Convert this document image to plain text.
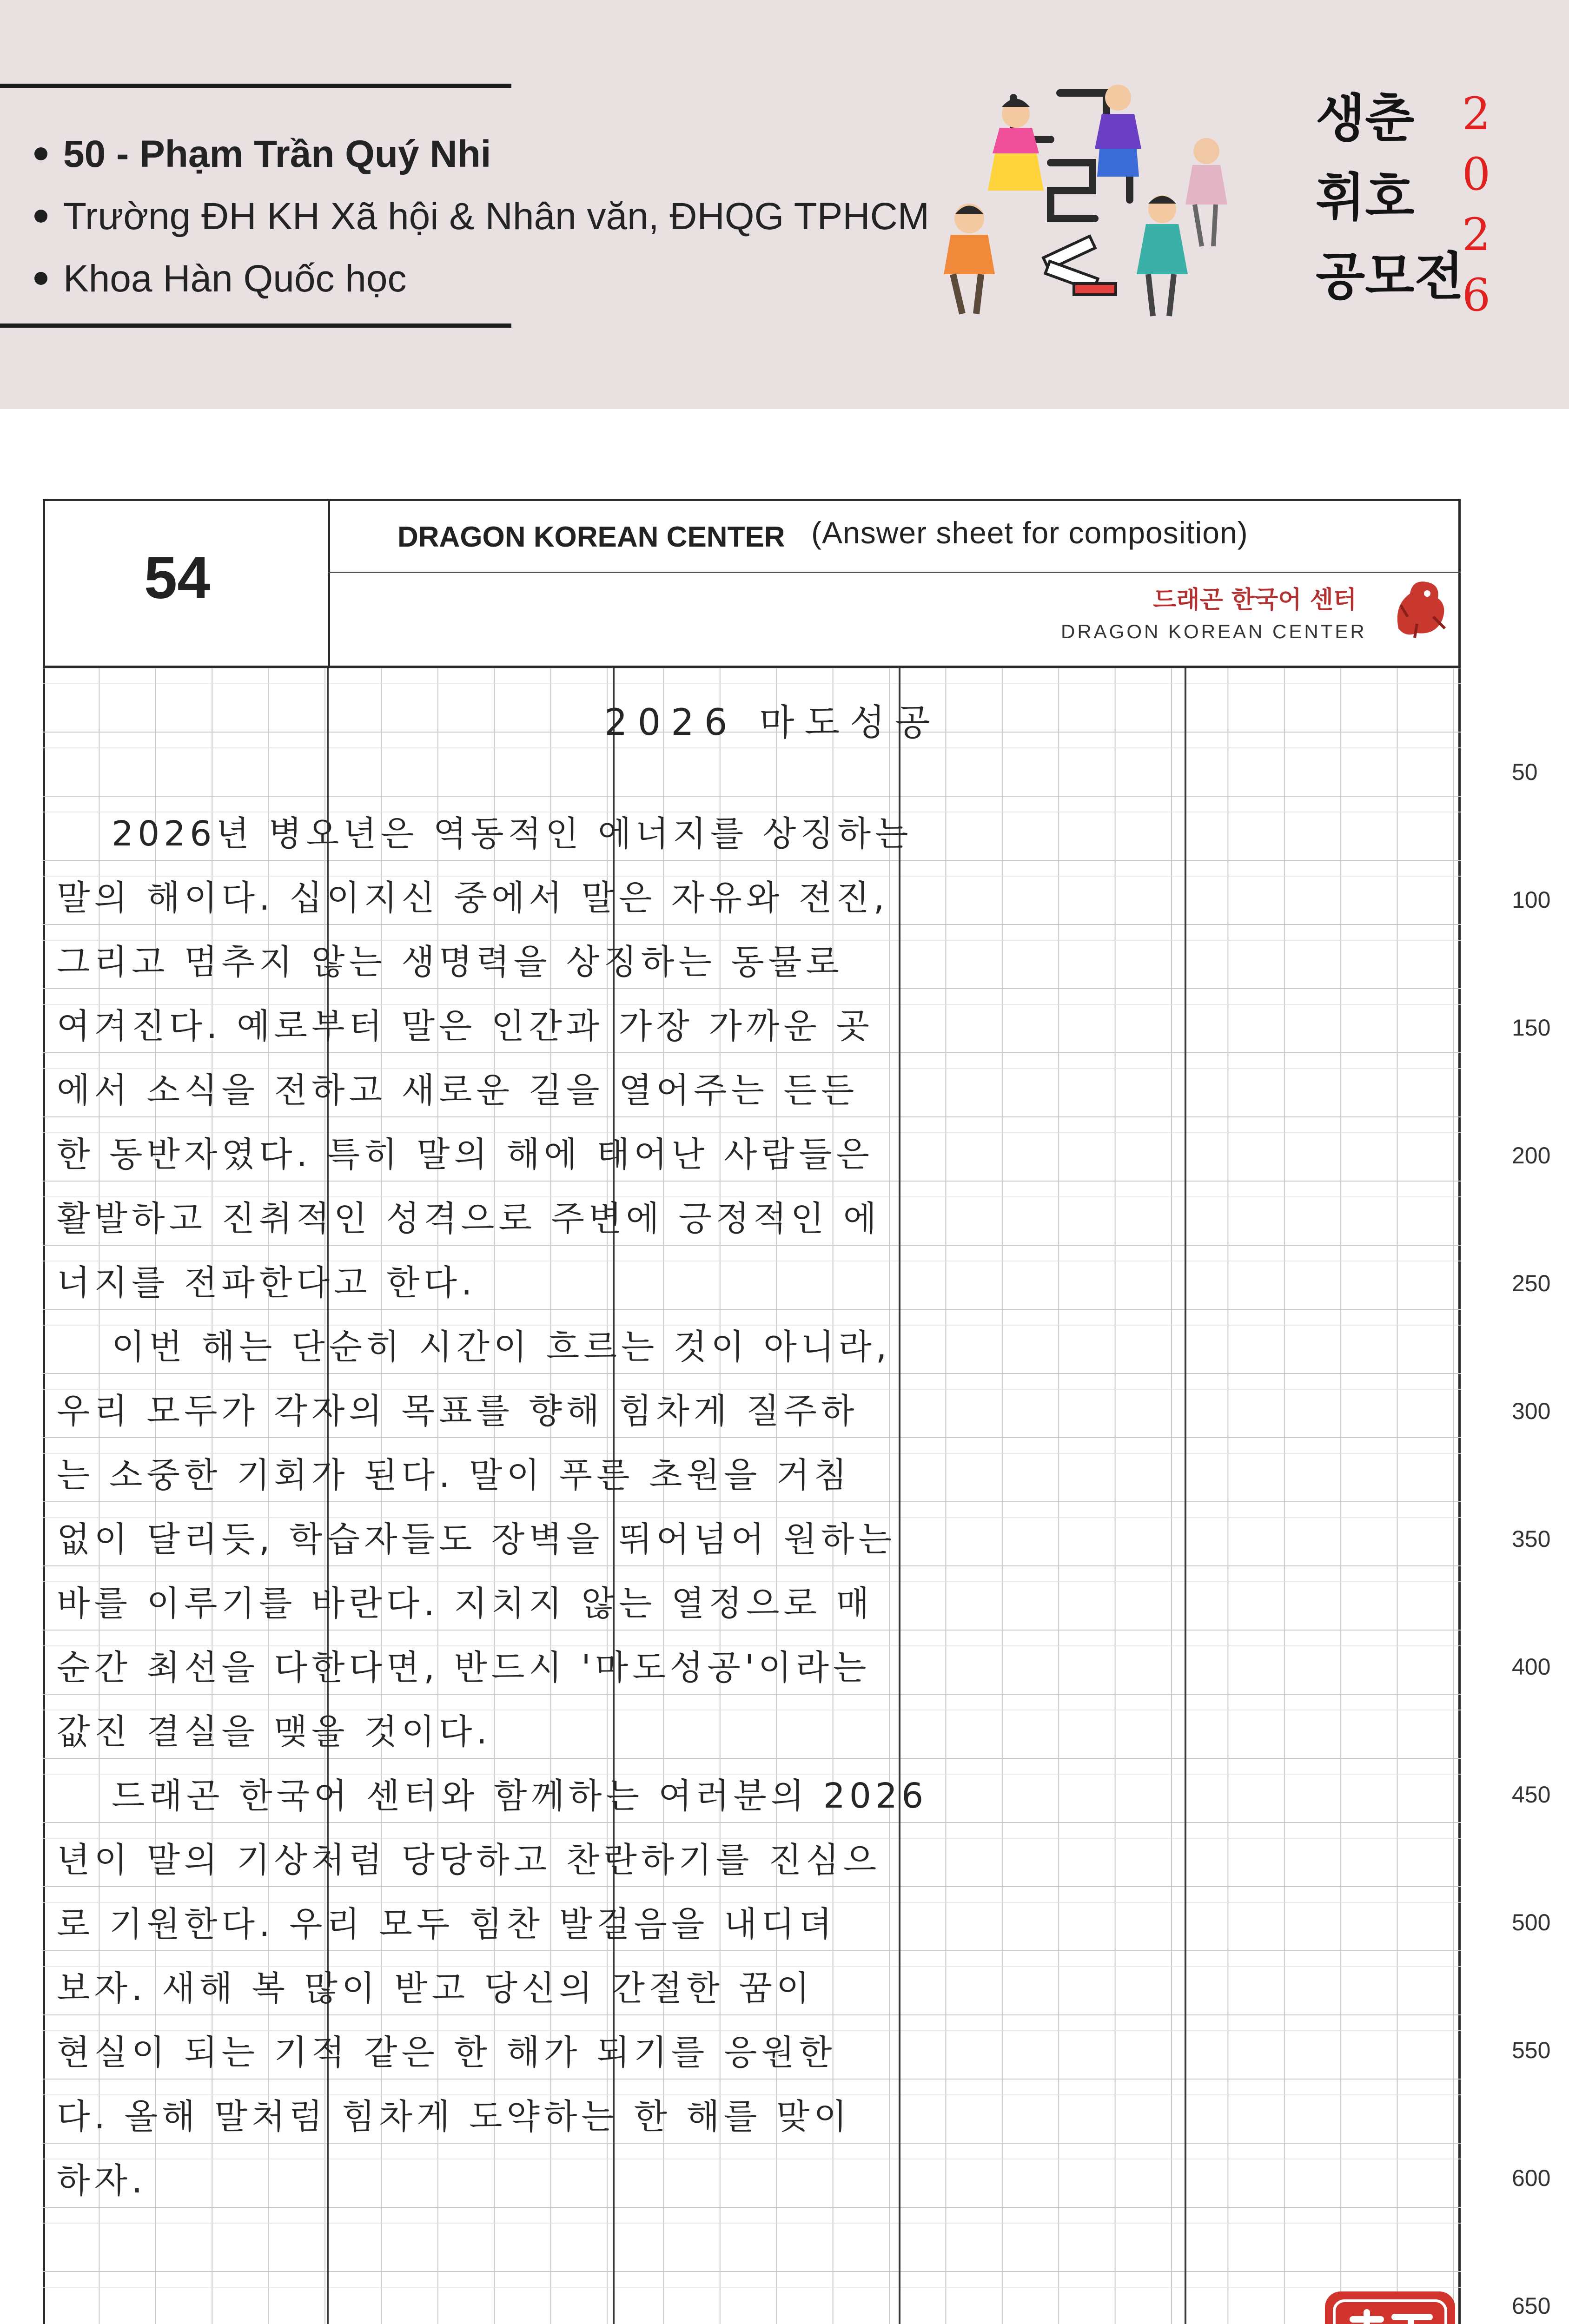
50 - Phạm Trần Quý Nhi
Trường ĐH KH Xã hội & Nhân văn, ĐHQG TPHCM
Khoa Hàn Quốc học
생춘
휘호
공모전
2
0
2
6
54
DRAGON KOREAN CENTER (Answer sheet for composition)
드래곤 한국어 센터
DRAGON KOREAN CENTER
50
100
150
200
250
300
350
400
450
500
550
600
650
2026 마도성공
2026년 병오년은 역동적인 에너지를 상징하는
말의 해이다. 십이지신 중에서 말은 자유와 전진,
그리고 멈추지 않는 생명력을 상징하는 동물로
여겨진다. 예로부터 말은 인간과 가장 가까운 곳
에서 소식을 전하고 새로운 길을 열어주는 든든
한 동반자였다. 특히 말의 해에 태어난 사람들은
활발하고 진취적인 성격으로 주변에 긍정적인 에
너지를 전파한다고 한다.
이번 해는 단순히 시간이 흐르는 것이 아니라,
우리 모두가 각자의 목표를 향해 힘차게 질주하
는 소중한 기회가 된다. 말이 푸른 초원을 거침
없이 달리듯, 학습자들도 장벽을 뛰어넘어 원하는
바를 이루기를 바란다. 지치지 않는 열정으로 매
순간 최선을 다한다면, 반드시 '마도성공'이라는
값진 결실을 맺을 것이다.
드래곤 한국어 센터와 함께하는 여러분의 2026
년이 말의 기상처럼 당당하고 찬란하기를 진심으
로 기원한다. 우리 모두 힘찬 발걸음을 내디뎌
보자. 새해 복 많이 받고 당신의 간절한 꿈이
현실이 되는 기적 같은 한 해가 되기를 응원한
다. 올해 말처럼 힘차게 도약하는 한 해를 맞이
하자.
